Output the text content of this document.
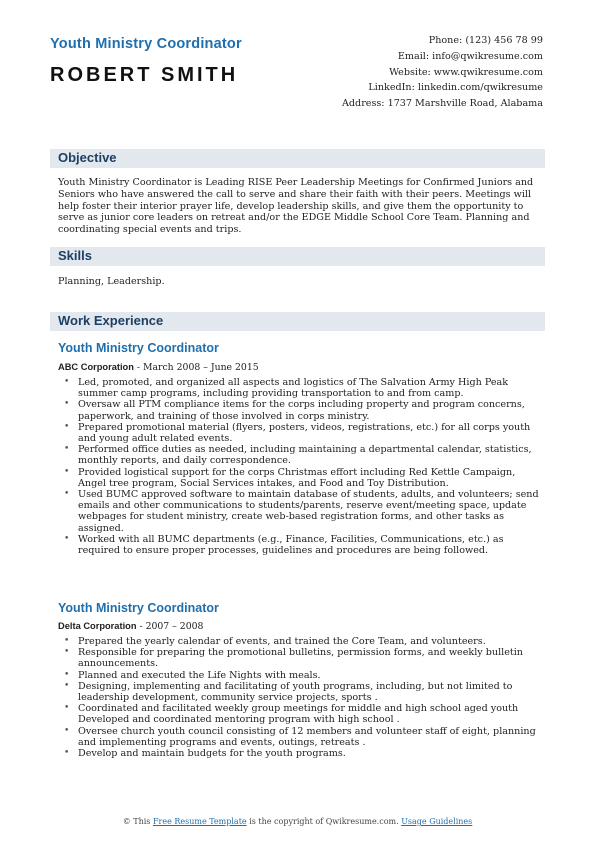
Youth Ministry Coordinator
ROBERT SMITH
Phone: (123) 456 78 99
Email: info@qwikresume.com
Website: www.qwikresume.com
LinkedIn: linkedin.com/qwikresume
Address: 1737 Marshville Road, Alabama
Objective
Youth Ministry Coordinator is Leading RISE Peer Leadership Meetings for Confirmed Juniors and Seniors who have answered the call to serve and share their faith with their peers. Meetings will help foster their interior prayer life, develop leadership skills, and give them the opportunity to serve as junior core leaders on retreat and/or the EDGE Middle School Core Team. Planning and coordinating special events and trips.
Skills
Planning, Leadership.
Work Experience
Youth Ministry Coordinator
ABC Corporation - March 2008 – June 2015
• Led, promoted, and organized all aspects and logistics of The Salvation Army High Peak summer camp programs, including providing transportation to and from camp.
• Oversaw all PTM compliance items for the corps including property and program concerns, paperwork, and training of those involved in corps ministry.
• Prepared promotional material (flyers, posters, videos, registrations, etc.) for all corps youth and young adult related events.
• Performed office duties as needed, including maintaining a departmental calendar, statistics, monthly reports, and daily correspondence.
• Provided logistical support for the corps Christmas effort including Red Kettle Campaign, Angel tree program, Social Services intakes, and Food and Toy Distribution.
• Used BUMC approved software to maintain database of students, adults, and volunteers; send emails and other communications to students/parents, reserve event/meeting space, update webpages for student ministry, create web-based registration forms, and other tasks as assigned.
• Worked with all BUMC departments (e.g., Finance, Facilities, Communications, etc.) as required to ensure proper processes, guidelines and procedures are being followed.
Youth Ministry Coordinator
Delta Corporation - 2007 – 2008
• Prepared the yearly calendar of events, and trained the Core Team, and volunteers.
• Responsible for preparing the promotional bulletins, permission forms, and weekly bulletin announcements.
• Planned and executed the Life Nights with meals.
• Designing, implementing and facilitating of youth programs, including, but not limited to leadership development, community service projects, sports .
• Coordinated and facilitated weekly group meetings for middle and high school aged youth Developed and coordinated mentoring program with high school .
• Oversee church youth council consisting of 12 members and volunteer staff of eight, planning and implementing programs and events, outings, retreats .
• Develop and maintain budgets for the youth programs.
© This Free Resume Template is the copyright of Qwikresume.com. Usage Guidelines
